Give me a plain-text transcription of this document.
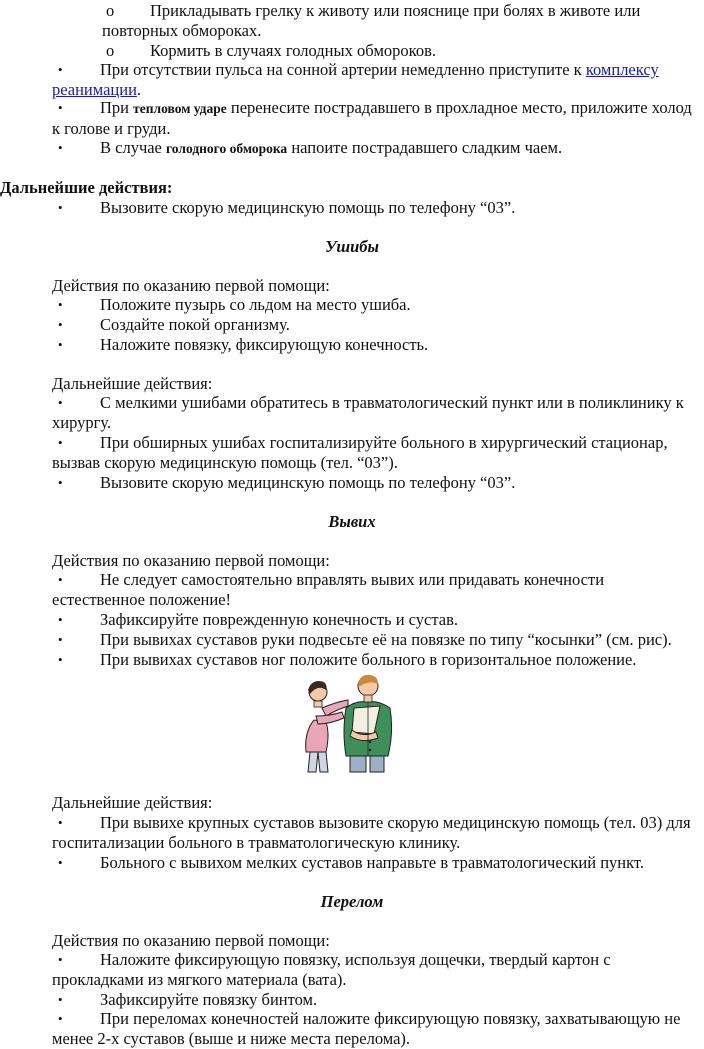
o	Прикладывать грелку к животу или пояснице при болях в животе или повторных обмороках.

o	Кормить в случаях голодных обмороков.

•	При отсутствии пульса на сонной артерии немедленно приступите к комплексу реанимации.

•	При тепловом ударе перенесите пострадавшего в прохладное место, приложите холод к голове и груди.

•	В случае голодного обморока напоите пострадавшего сладким чаем.

Дальнейшие действия:

•	Вызовите скорую медицинскую помощь по телефону “03”.

Ушибы

Действия по оказанию первой помощи:

•	Положите пузырь со льдом на место ушиба.

•	Создайте покой организму.

•	Наложите повязку, фиксирующую конечность.

Дальнейшие действия:

•	С мелкими ушибами обратитесь в травматологический пункт или в поликлинику к хирургу.

•	При обширных ушибах госпитализируйте больного в хирургический стационар, вызвав скорую медицинскую помощь (тел. “03”).

•	Вызовите скорую медицинскую помощь по телефону “03”.

Вывих

Действия по оказанию первой помощи:

•	Не следует самостоятельно вправлять вывих или придавать конечности естественное положение!

•	Зафиксируйте поврежденную конечность и сустав.

•	При вывихах суставов руки подвесьте её на повязке по типу “косынки” (см. рис).

•	При вывихах суставов ног положите больного в горизонтальное положение.

Дальнейшие действия:

•	При вывихе крупных суставов вызовите скорую медицинскую помощь (тел. 03) для госпитализации больного в травматологическую клинику.

•	Больного с вывихом мелких суставов направьте в травматологический пункт.

Перелом

Действия по оказанию первой помощи:

•	Наложите фиксирующую повязку, используя дощечки, твердый картон с прокладками из мягкого материала (вата).

•	Зафиксируйте повязку бинтом.

•	При переломах конечностей наложите фиксирующую повязку, захватывающую не менее 2-х суставов (выше и ниже места перелома).
